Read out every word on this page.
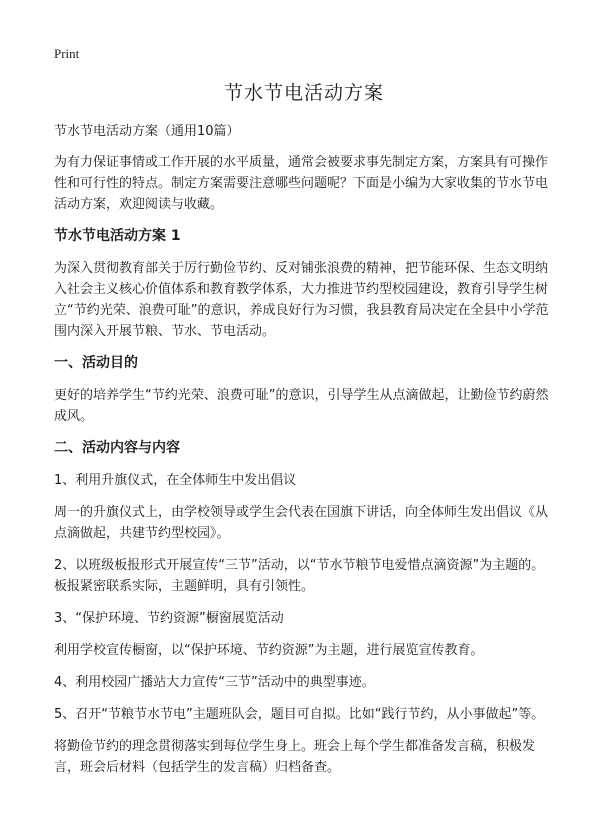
Print
节水节电活动方案

节水节电活动方案（通用10篇）

为有力保证事情或工作开展的水平质量，通常会被要求事先制定方案，方案具有可操作性和可行性的特点。制定方案需要注意哪些问题呢？下面是小编为大家收集的节水节电活动方案，欢迎阅读与收藏。

节水节电活动方案 1

为深入贯彻教育部关于厉行勤俭节约、反对铺张浪费的精神，把节能环保、生态文明纳入社会主义核心价值体系和教育教学体系，大力推进节约型校园建设，教育引导学生树立“节约光荣、浪费可耻”的意识，养成良好行为习惯，我县教育局决定在全县中小学范围内深入开展节粮、节水、节电活动。

一、活动目的

更好的培养学生“节约光荣、浪费可耻”的意识，引导学生从点滴做起，让勤俭节约蔚然成风。

二、活动内容与内容

1、利用升旗仪式，在全体师生中发出倡议

周一的升旗仪式上，由学校领导或学生会代表在国旗下讲话，向全体师生发出倡议《从点滴做起，共建节约型校园》。

2、以班级板报形式开展宣传“三节”活动，以“节水节粮节电爱惜点滴资源”为主题的。板报紧密联系实际，主题鲜明，具有引领性。

3、“保护环境、节约资源”橱窗展览活动

利用学校宣传橱窗，以“保护环境、节约资源”为主题，进行展览宣传教育。

4、利用校园广播站大力宣传“三节”活动中的典型事迹。

5、召开“节粮节水节电”主题班队会，题目可自拟。比如“践行节约，从小事做起”等。

将勤俭节约的理念贯彻落实到每位学生身上。班会上每个学生都准备发言稿，积极发言，班会后材料（包括学生的发言稿）归档备查。
